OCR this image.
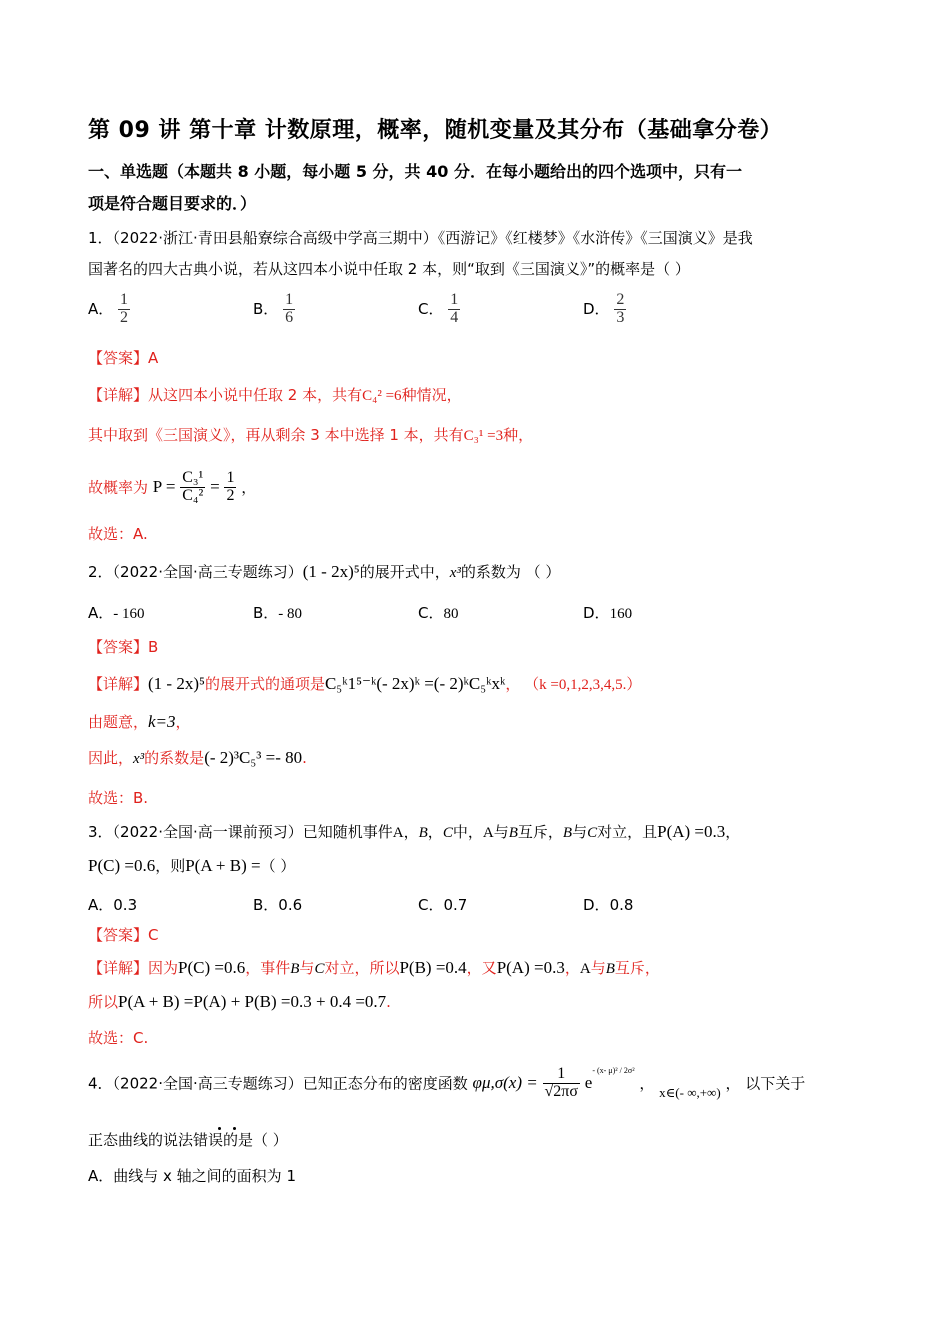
第 09 讲 第十章 计数原理，概率，随机变量及其分布（基础拿分卷）
一、单选题（本题共 8 小题，每小题 5 分，共 40 分．在每小题给出的四个选项中，只有一
项是符合题目要求的．）
1．（2022·浙江·青田县船寮综合高级中学高三期中）《西游记》《红楼梦》《水浒传》《三国演义》是我
国著名的四大古典小说，若从这四本小说中任取 2 本，则“取到《三国演义》”的概率是（ ）
A． $\frac{1}{2}$	B． $\frac{1}{6}$	C． $\frac{1}{4}$	D． $\frac{2}{3}$
【答案】A
【详解】从这四本小说中任取 2 本，共有C₄² =6种情况，
其中取到《三国演义》，再从剩余 3 本中选择 1 本，共有C₃¹ =3种，
故概率为 $P = \frac{\text{C₃¹}}{\text{C₄²}} = \frac{1}{2}$ ，
故选：A.
2．（2022·全国·高三专题练习）(1 - 2x)⁵的展开式中，x³的系数为 （ ）
A．- 160	B．- 80	C．80	D．160
【答案】B
【详解】(1 - 2x)⁵的展开式的通项是C₅ᵏ1⁵⁻ᵏ(- 2x)ᵏ =(- 2)ᵏC₅ᵏxᵏ， （k =0,1,2,3,4,5.）
由题意，k=3，
因此，x³的系数是(- 2)³C₅³ =- 80.
故选：B.
3．（2022·全国·高一课前预习）已知随机事件A，B，C中，A与B互斥，B与C对立，且P(A) =0.3，
P(C) =0.6，则P(A + B) =（ ）
A．0.3	B．0.6	C．0.7	D．0.8
【答案】C
【详解】因为P(C) =0.6，事件B与C对立，所以P(B) =0.4，又P(A) =0.3，A与B互斥，
所以P(A + B) =P(A) + P(B) =0.3 + 0.4 =0.7.
故选：C.
4．（2022·全国·高三专题练习）已知正态分布的密度函数 $\varphi\mu,\sigma(x) = \frac{1}{√2\pi\sigma} e^{- (x- \mu)^2 / 2\sigma^2}$ ， x∈(- ∞,+∞) ， 以下关于
正态曲线的说法错误的是（ ）
A．曲线与 x 轴之间的面积为 1
